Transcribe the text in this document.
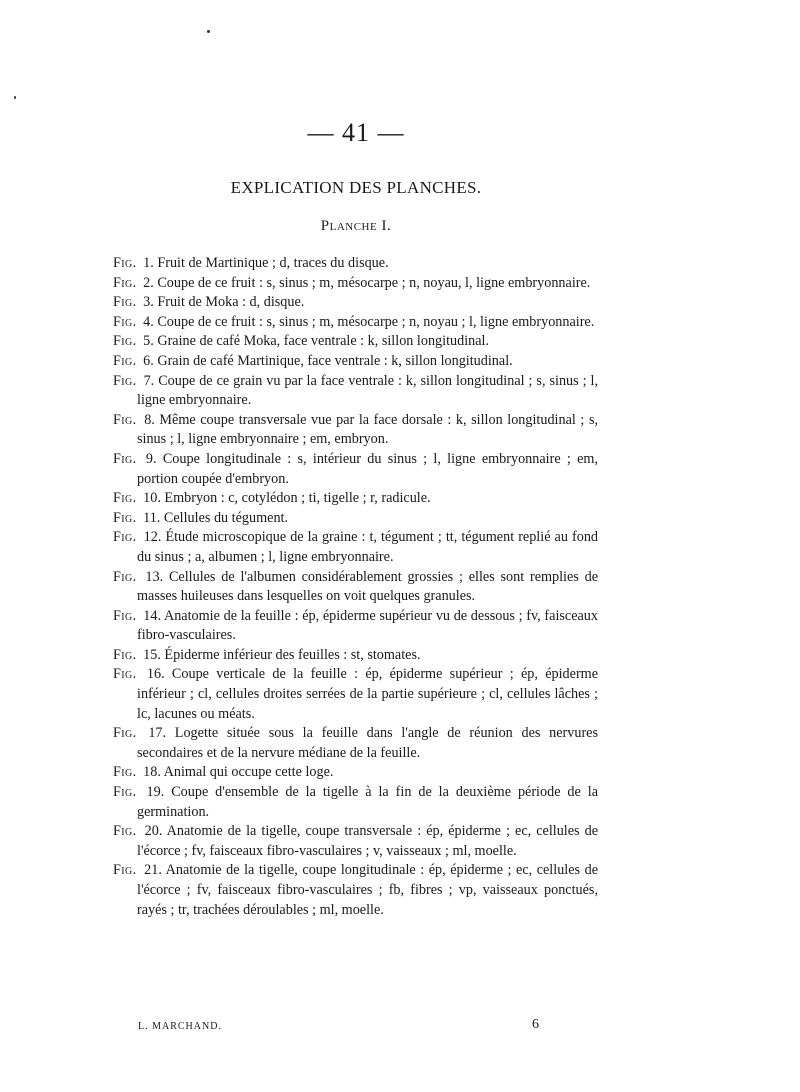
— 41 —
EXPLICATION DES PLANCHES.
Planche I.
Fig. 1. Fruit de Martinique ; d, traces du disque.
Fig. 2. Coupe de ce fruit : s, sinus ; m, mésocarpe ; n, noyau, l, ligne embryonnaire.
Fig. 3. Fruit de Moka : d, disque.
Fig. 4. Coupe de ce fruit : s, sinus ; m, mésocarpe ; n, noyau ; l, ligne embryonnaire.
Fig. 5. Graine de café Moka, face ventrale : k, sillon longitudinal.
Fig. 6. Grain de café Martinique, face ventrale : k, sillon longitudinal.
Fig. 7. Coupe de ce grain vu par la face ventrale : k, sillon longitudinal ; s, sinus ; l, ligne embryonnaire.
Fig. 8. Même coupe transversale vue par la face dorsale : k, sillon longitudinal ; s, sinus ; l, ligne embryonnaire ; em, embryon.
Fig. 9. Coupe longitudinale : s, intérieur du sinus ; l, ligne embryonnaire ; em, portion coupée d'embryon.
Fig. 10. Embryon : c, cotylédon ; ti, tigelle ; r, radicule.
Fig. 11. Cellules du tégument.
Fig. 12. Étude microscopique de la graine : t, tégument ; tt, tégument replié au fond du sinus ; a, albumen ; l, ligne embryonnaire.
Fig. 13. Cellules de l'albumen considérablement grossies ; elles sont remplies de masses huileuses dans lesquelles on voit quelques granules.
Fig. 14. Anatomie de la feuille : ép, épiderme supérieur vu de dessous ; fv, faisceaux fibro-vasculaires.
Fig. 15. Épiderme inférieur des feuilles : st, stomates.
Fig. 16. Coupe verticale de la feuille : ép, épiderme supérieur ; ép, épiderme inférieur ; cl, cellules droites serrées de la partie supérieure ; cl, cellules lâches ; lc, lacunes ou méats.
Fig. 17. Logette située sous la feuille dans l'angle de réunion des nervures secondaires et de la nervure médiane de la feuille.
Fig. 18. Animal qui occupe cette loge.
Fig. 19. Coupe d'ensemble de la tigelle à la fin de la deuxième période de la germination.
Fig. 20. Anatomie de la tigelle, coupe transversale : ép, épiderme ; ec, cellules de l'écorce ; fv, faisceaux fibro-vasculaires ; v, vaisseaux ; ml, moelle.
Fig. 21. Anatomie de la tigelle, coupe longitudinale : ép, épiderme ; ec, cellules de l'écorce ; fv, faisceaux fibro-vasculaires ; fb, fibres ; vp, vaisseaux ponctués, rayés ; tr, trachées déroulables ; ml, moelle.
L. MARCHAND.	6
